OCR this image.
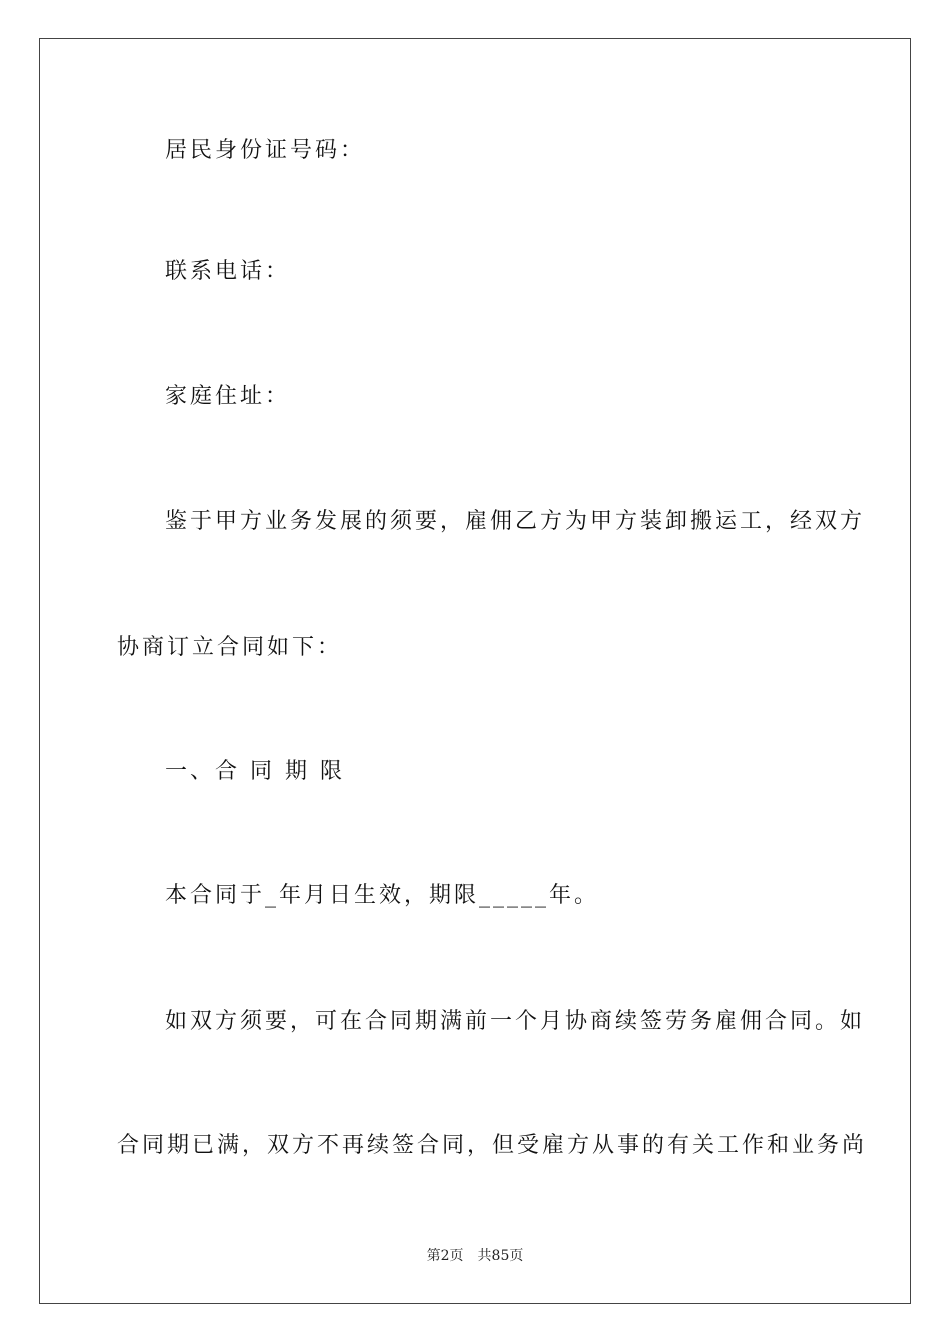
居民身份证号码：
联系电话：
家庭住址：
鉴于甲方业务发展的须要，雇佣乙方为甲方装卸搬运工，经双方
协商订立合同如下：
一、合 同 期 限
本合同于_年月日生效，期限_____年。
如双方须要，可在合同期满前一个月协商续签劳务雇佣合同。如
合同期已满，双方不再续签合同，但受雇方从事的有关工作和业务尚
第2页 共85页
